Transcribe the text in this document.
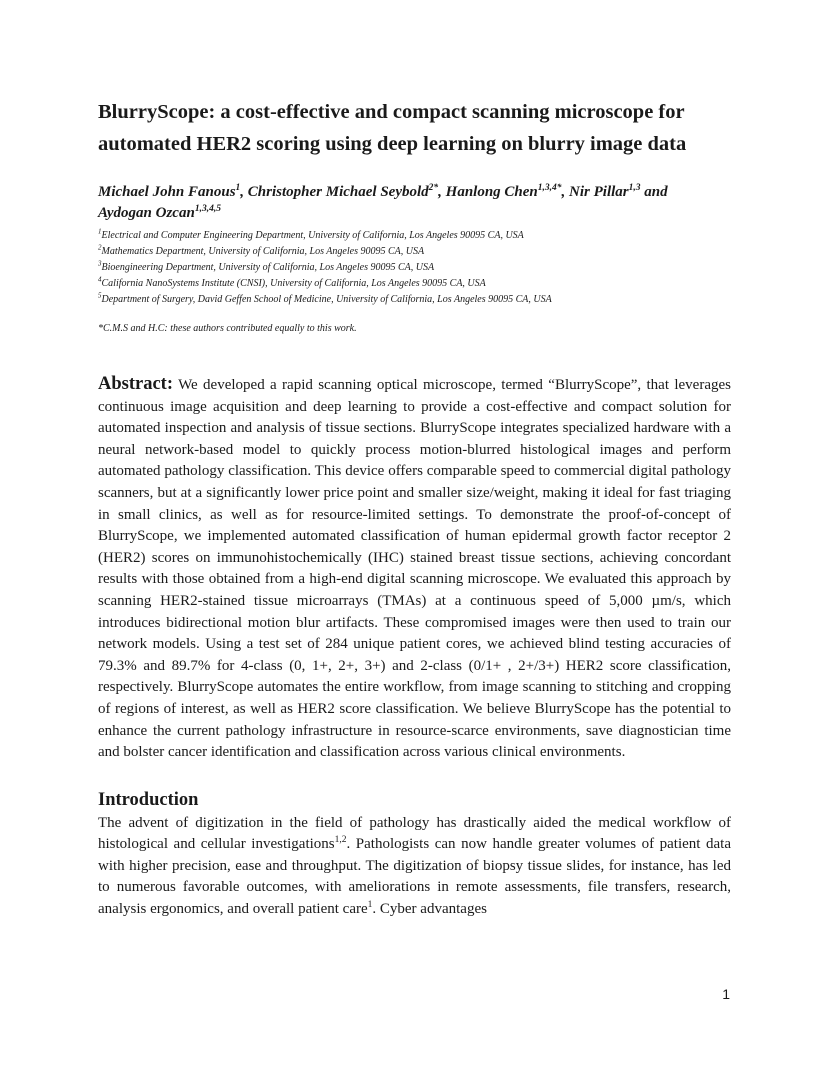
BlurryScope: a cost-effective and compact scanning microscope for automated HER2 scoring using deep learning on blurry image data
Michael John Fanous$^1$, Christopher Michael Seybold$^{2*}$, Hanlong Chen$^{1,3,4*}$, Nir Pillar$^{1,3}$ and
Aydogan Ozcan$^{1,3,4,5}$
$^1$Electrical and Computer Engineering Department, University of California, Los Angeles 90095 CA, USA
$^2$Mathematics Department, University of California, Los Angeles 90095 CA, USA
$^3$Bioengineering Department, University of California, Los Angeles 90095 CA, USA
$^4$California NanoSystems Institute (CNSI), University of California, Los Angeles 90095 CA, USA
$^5$Department of Surgery, David Geffen School of Medicine, University of California, Los Angeles 90095 CA, USA
*C.M.S and H.C: these authors contributed equally to this work.

Abstract: We developed a rapid scanning optical microscope, termed “BlurryScope”, that leverages continuous image acquisition and deep learning to provide a cost-effective and compact solution for automated inspection and analysis of tissue sections. BlurryScope integrates specialized hardware with a neural network-based model to quickly process motion-blurred histological images and perform automated pathology classification. This device offers comparable speed to commercial digital pathology scanners, but at a significantly lower price point and smaller size/weight, making it ideal for fast triaging in small clinics, as well as for resource-limited settings. To demonstrate the proof-of-concept of BlurryScope, we implemented automated classification of human epidermal growth factor receptor 2 (HER2) scores on immunohistochemically (IHC) stained breast tissue sections, achieving concordant results with those obtained from a high-end digital scanning microscope. We evaluated this approach by scanning HER2-stained tissue microarrays (TMAs) at a continuous speed of 5,000 µm/s, which introduces bidirectional motion blur artifacts. These compromised images were then used to train our network models. Using a test set of 284 unique patient cores, we achieved blind testing accuracies of 79.3% and 89.7% for 4-class (0, 1+, 2+, 3+) and 2-class (0/1+ , 2+/3+) HER2 score classification, respectively. BlurryScope automates the entire workflow, from image scanning to stitching and cropping of regions of interest, as well as HER2 score classification. We believe BlurryScope has the potential to enhance the current pathology infrastructure in resource-scarce environments, save diagnostician time and bolster cancer identification and classification across various clinical environments.

Introduction

The advent of digitization in the field of pathology has drastically aided the medical workflow of histological and cellular investigations$^{1,2}$. Pathologists can now handle greater volumes of patient data with higher precision, ease and throughput. The digitization of biopsy tissue slides, for instance, has led to numerous favorable outcomes, with ameliorations in remote assessments, file transfers, research, analysis ergonomics, and overall patient care$^1$. Cyber advantages

1
